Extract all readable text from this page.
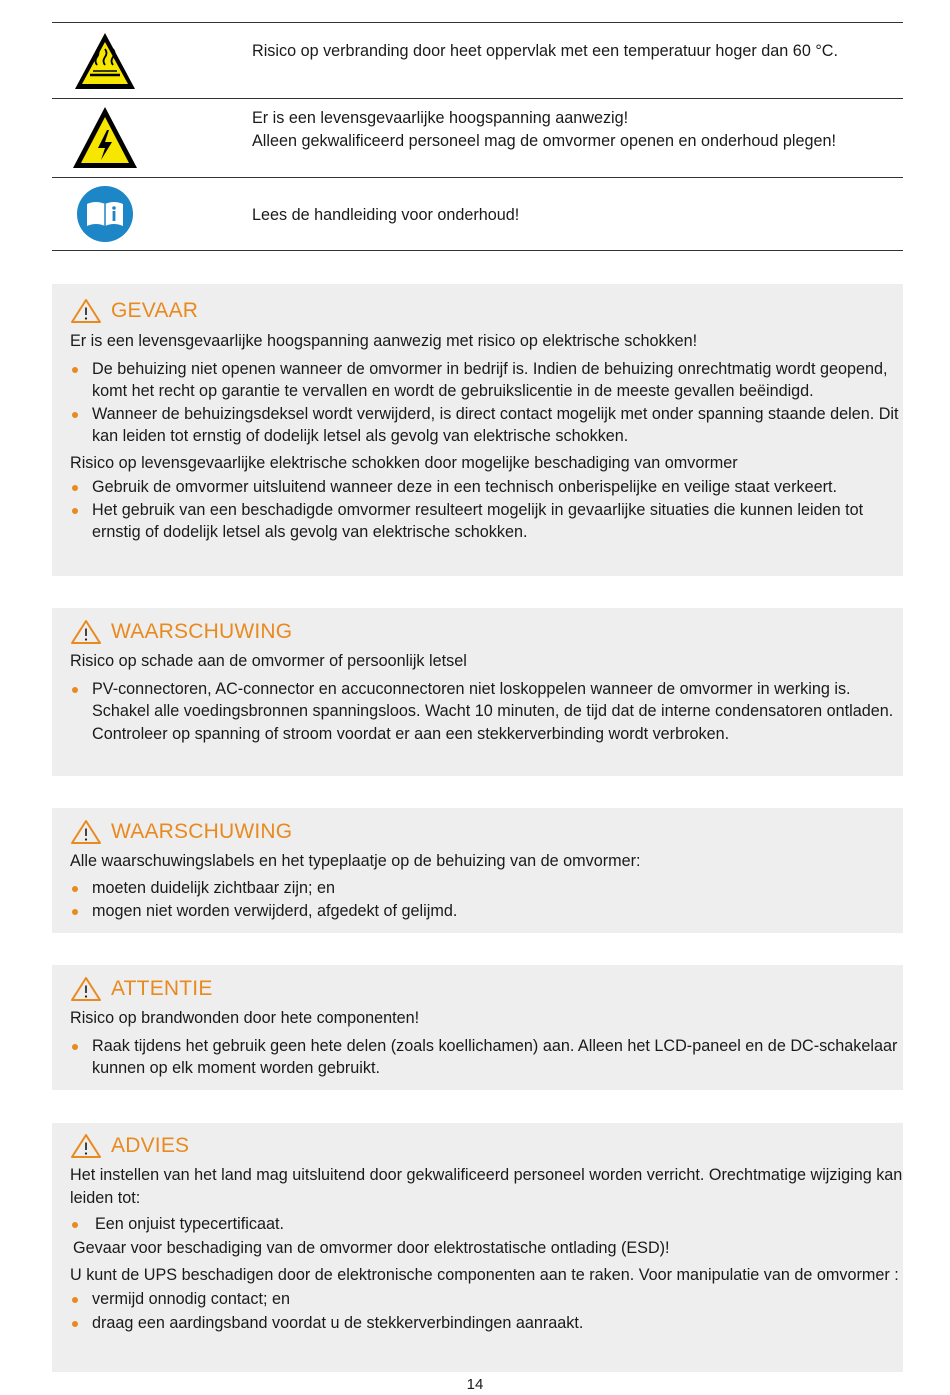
Risico op verbranding door heet oppervlak met een temperatuur hoger dan 60 °C.
Er is een levensgevaarlijke hoogspanning aanwezig!
Alleen gekwalificeerd personeel mag de omvormer openen en onderhoud plegen!
Lees de handleiding voor onderhoud!
GEVAAR

Er is een levensgevaarlijke hoogspanning aanwezig met risico op elektrische schokken!

De behuizing niet openen wanneer de omvormer in bedrijf is. Indien de behuizing onrechtmatig wordt geopend, komt het recht op garantie te vervallen en wordt de gebruikslicentie in de meeste gevallen beëindigd.
Wanneer de behuizingsdeksel wordt verwijderd, is direct contact mogelijk met onder spanning staande delen. Dit kan leiden tot ernstig of dodelijk letsel als gevolg van elektrische schokken.

Risico op levensgevaarlijke elektrische schokken door mogelijke beschadiging van omvormer

Gebruik de omvormer uitsluitend wanneer deze in een technisch onberispelijke en veilige staat verkeert.
Het gebruik van een beschadigde omvormer resulteert mogelijk in gevaarlijke situaties die kunnen leiden tot ernstig of dodelijk letsel als gevolg van elektrische schokken.
WAARSCHUWING

Risico op schade aan de omvormer of persoonlijk letsel

PV-connectoren, AC-connector en accuconnectoren niet loskoppelen wanneer de omvormer in werking is. Schakel alle voedingsbronnen spanningsloos. Wacht 10 minuten, de tijd dat de interne condensatoren ontladen. Controleer op spanning of stroom voordat er aan een stekkerverbinding wordt verbroken.
WAARSCHUWING

Alle waarschuwingslabels en het typeplaatje op de behuizing van de omvormer:

moeten duidelijk zichtbaar zijn; en
mogen niet worden verwijderd, afgedekt of gelijmd.
ATTENTIE

Risico op brandwonden door hete componenten!

Raak tijdens het gebruik geen hete delen (zoals koellichamen) aan. Alleen het LCD-paneel en de DC-schakelaar kunnen op elk moment worden gebruikt.
ADVIES

Het instellen van het land mag uitsluitend door gekwalificeerd personeel worden verricht. Orechtmatige wijziging kan leiden tot:

Een onjuist typecertificaat.

Gevaar voor beschadiging van de omvormer door elektrostatische ontlading (ESD)!

U kunt de UPS beschadigen door de elektronische componenten aan te raken. Voor manipulatie van de omvormer :

vermijd onnodig contact; en
draag een aardingsband voordat u de stekkerverbindingen aanraakt.
14
